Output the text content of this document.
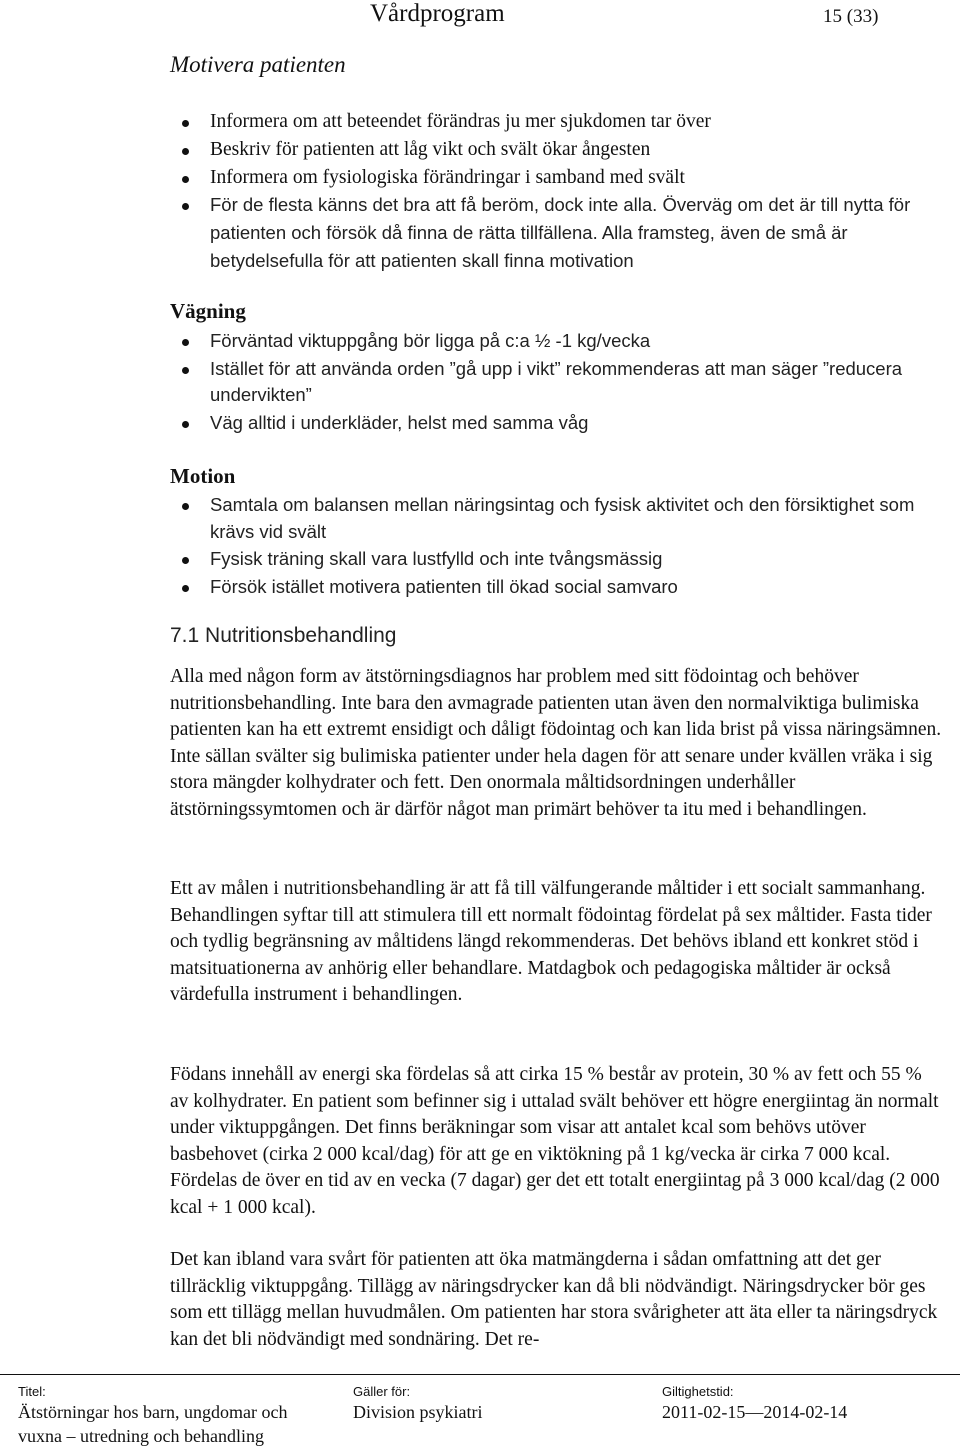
Vårdprogram	15 (33)
Motivera patienten
Informera om att beteendet förändras ju mer sjukdomen tar över
Beskriv för patienten att låg vikt och svält ökar ångesten
Informera om fysiologiska förändringar i samband med svält
För de flesta känns det bra att få beröm, dock inte alla. Överväg om det är till nytta för patienten och försök då finna de rätta tillfällena. Alla framsteg, även de små är betydelsefulla för att patienten skall finna motivation
Vägning
Förväntad viktuppgång bör ligga på c:a ½ -1 kg/vecka
Istället för att använda orden ”gå upp i vikt” rekommenderas att man säger ”reducera undervikten”
Väg alltid i underkläder, helst med samma våg
Motion
Samtala om balansen mellan näringsintag och fysisk aktivitet och den försiktighet som krävs vid svält
Fysisk träning skall vara lustfylld och inte tvångsmässig
Försök istället motivera patienten till ökad social samvaro
7.1 Nutritionsbehandling

Alla med någon form av ätstörningsdiagnos har problem med sitt födointag och behöver nutritionsbehandling. Inte bara den avmagrade patienten utan även den normalviktiga bulimiska patienten kan ha ett extremt ensidigt och dåligt födointag och kan lida brist på vissa näringsämnen. Inte sällan svälter sig bulimiska patienter under hela dagen för att senare under kvällen vräka i sig stora mängder kolhydrater och fett. Den onormala måltidsordningen underhåller ätstörningssymtomen och är därför något man primärt behöver ta itu med i behandlingen.

Ett av målen i nutritionsbehandling är att få till välfungerande måltider i ett socialt sammanhang. Behandlingen syftar till att stimulera till ett normalt födointag fördelat på sex måltider. Fasta tider och tydlig begränsning av måltidens längd rekommenderas. Det behövs ibland ett konkret stöd i matsituationerna av anhörig eller behandlare. Matdagbok och pedagogiska måltider är också värdefulla instrument i behandlingen.

Födans innehåll av energi ska fördelas så att cirka 15 % består av protein, 30 % av fett och 55 % av kolhydrater. En patient som befinner sig i uttalad svält behöver ett högre energiintag än normalt under viktuppgången. Det finns beräkningar som visar att antalet kcal som behövs utöver basbehovet (cirka 2 000 kcal/dag) för att ge en viktökning på 1 kg/vecka är cirka 7 000 kcal. Fördelas de över en tid av en vecka (7 dagar) ger det ett totalt energiintag på 3 000 kcal/dag (2 000 kcal + 1 000 kcal).

Det kan ibland vara svårt för patienten att öka matmängderna i sådan omfattning att det ger tillräcklig viktuppgång. Tillägg av näringsdrycker kan då bli nödvändigt. Näringsdrycker bör ges som ett tillägg mellan huvudmålen. Om patienten har stora svårigheter att äta eller ta näringsdryck kan det bli nödvändigt med sondnäring. Det re-

Titel:
Ätstörningar hos barn, ungdomar och vuxna – utredning och behandling
Gäller för:
Division psykiatri
Giltighetstid:
2011-02-15—2014-02-14
